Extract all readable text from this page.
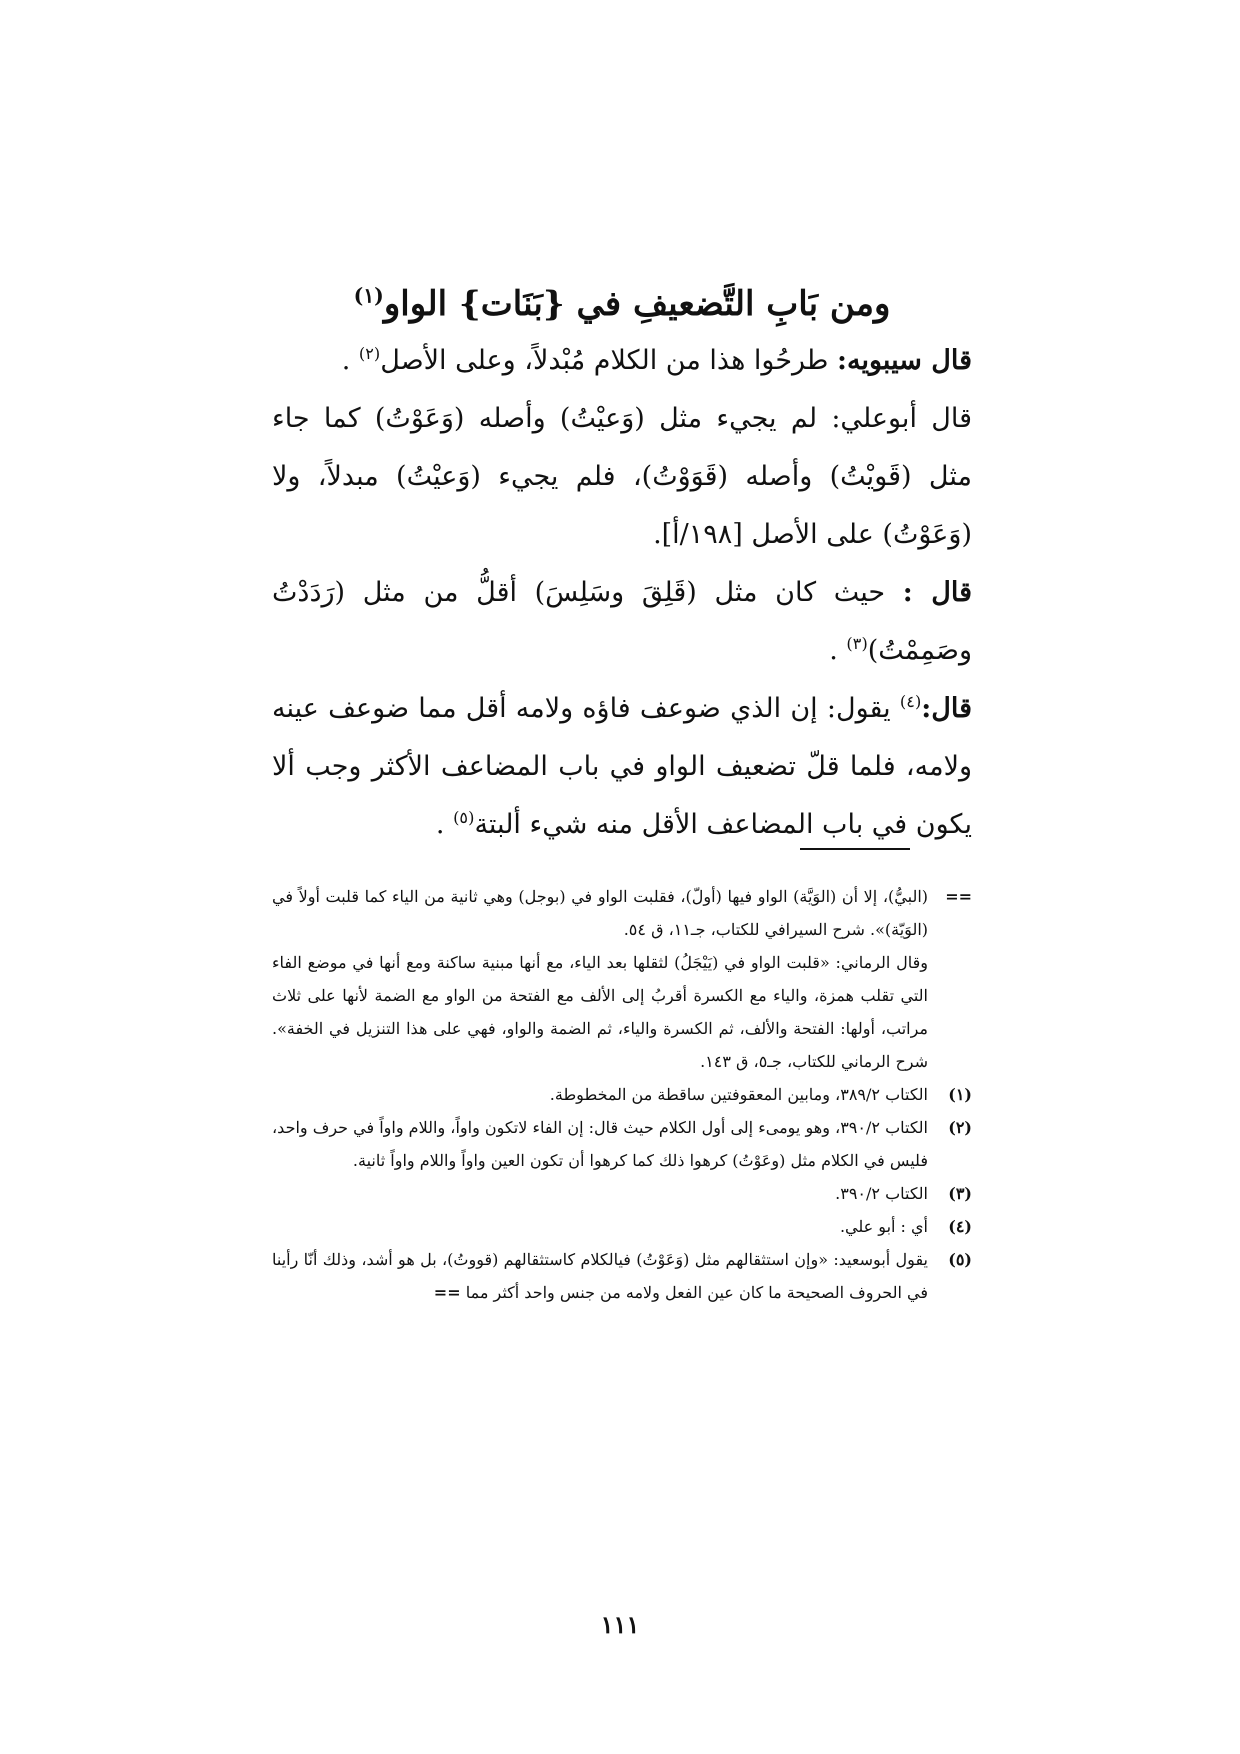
ومن بَابِ التَّضعيفِ في {بَنَات} الواو$^{(١)}$

قال سيبويه: طرحُوا هذا من الكلام مُبْدلاً، وعلى الأصل$^{(٢)}$ .

قال أبوعلي: لم يجيء مثل (وَعيْتُ) وأصله (وَعَوْتُ) كما جاء مثل (قَويْتُ) وأصله (قَوَوْتُ)، فلم يجيء (وَعيْتُ) مبدلاً، ولا (وَعَوْتُ) على الأصل [١٩٨/أ].

قال : حيث كان مثل (قَلِقَ وسَلِسَ) أقلُّ من مثل (رَدَدْتُ وصَمِمْتُ)$^{(٣)}$ .

قال:$^{(٤)}$ يقول: إن الذي ضوعف فاؤه ولامه أقل مما ضوعف عينه ولامه، فلما قلّ تضعيف الواو في باب المضاعف الأكثر وجب ألا يكون في باب المضاعف الأقل منه شيء ألبتة$^{(٥)}$ .

==
(البيُّ)، إلا أن (الوَيَّة) الواو فيها (أولّ)، فقلبت الواو في (بوجل) وهي ثانية من الياء كما قلبت أولاً في (الوَيّة)». شرح السيرافي للكتاب، جـ١١، ق ٥٤.
وقال الرماني: «قلبت الواو في (يَيْجَلُ) لثقلها بعد الياء، مع أنها مبنية ساكنة ومع أنها في موضع الفاء التي تقلب همزة، والياء مع الكسرة أقربُ إلى الألف مع الفتحة من الواو مع الضمة لأنها على ثلاث مراتب، أولها: الفتحة والألف، ثم الكسرة والياء، ثم الضمة والواو، فهي على هذا التنزيل في الخفة». شرح الرماني للكتاب، جـ٥، ق ١٤٣.
(١)
الكتاب ٣٨٩/٢، ومابين المعقوفتين ساقطة من المخطوطة.
(٢)
الكتاب ٣٩٠/٢، وهو يومىء إلى أول الكلام حيث قال: إن الفاء لاتكون واواً، واللام واواً في حرف واحد، فليس في الكلام مثل (وعَوْتُ) كرهوا ذلك كما كرهوا أن تكون العين واواً واللام واواً ثانية.
(٣)
الكتاب ٣٩٠/٢.
(٤)
أي : أبو علي.
(٥)
يقول أبوسعيد: «وإن استثقالهم مثل (وَعَوْتُ) فيالكلام كاستثقالهم (قووتُ)، بل هو أشد، وذلك أنّا رأينا في الحروف الصحيحة ما كان عين الفعل ولامه من جنس واحد أكثر مما ==
١١١
